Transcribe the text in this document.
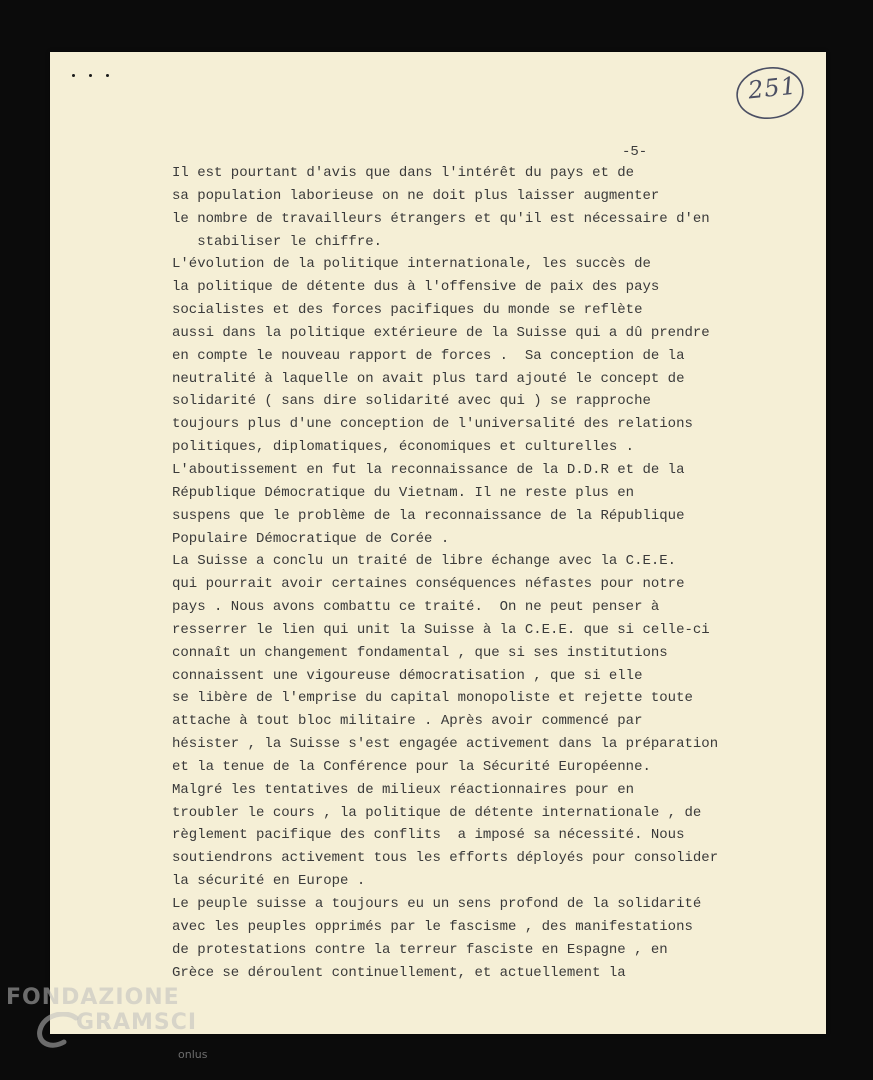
251
-5-
Il est pourtant d'avis que dans l'intérêt du pays et de
sa population laborieuse on ne doit plus laisser augmenter
le nombre de travailleurs étrangers et qu'il est nécessaire d'en
stabiliser le chiffre.
L'évolution de la politique internationale, les succès de
la politique de détente dus à l'offensive de paix des pays
socialistes et des forces pacifiques du monde se reflète
aussi dans la politique extérieure de la Suisse qui a dû prendre
en compte le nouveau rapport de forces .  Sa conception de la
neutralité à laquelle on avait plus tard ajouté le concept de
solidarité ( sans dire solidarité avec qui ) se rapproche
toujours plus d'une conception de l'universalité des relations
politiques, diplomatiques, économiques et culturelles .
L'aboutissement en fut la reconnaissance de la D.D.R et de la
République Démocratique du Vietnam. Il ne reste plus en
suspens que le problème de la reconnaissance de la République
Populaire Démocratique de Corée .
La Suisse a conclu un traité de libre échange avec la C.E.E.
qui pourrait avoir certaines conséquences néfastes pour notre
pays . Nous avons combattu ce traité.  On ne peut penser à
resserrer le lien qui unit la Suisse à la C.E.E. que si celle-ci
connaît un changement fondamental , que si ses institutions
connaissent une vigoureuse démocratisation , que si elle
se libère de l'emprise du capital monopoliste et rejette toute
attache à tout bloc militaire . Après avoir commencé par
hésister , la Suisse s'est engagée activement dans la préparation
et la tenue de la Conférence pour la Sécurité Européenne.
Malgré les tentatives de milieux réactionnaires pour en
troubler le cours , la politique de détente internationale , de
règlement pacifique des conflits  a imposé sa nécessité. Nous
soutiendrons activement tous les efforts déployés pour consolider
la sécurité en Europe .
Le peuple suisse a toujours eu un sens profond de la solidarité
avec les peuples opprimés par le fascisme , des manifestations
de protestations contre la terreur fasciste en Espagne , en
Grèce se déroulent continuellement, et actuellement la
FONDAZIONE
GRAMSCI
onlus
